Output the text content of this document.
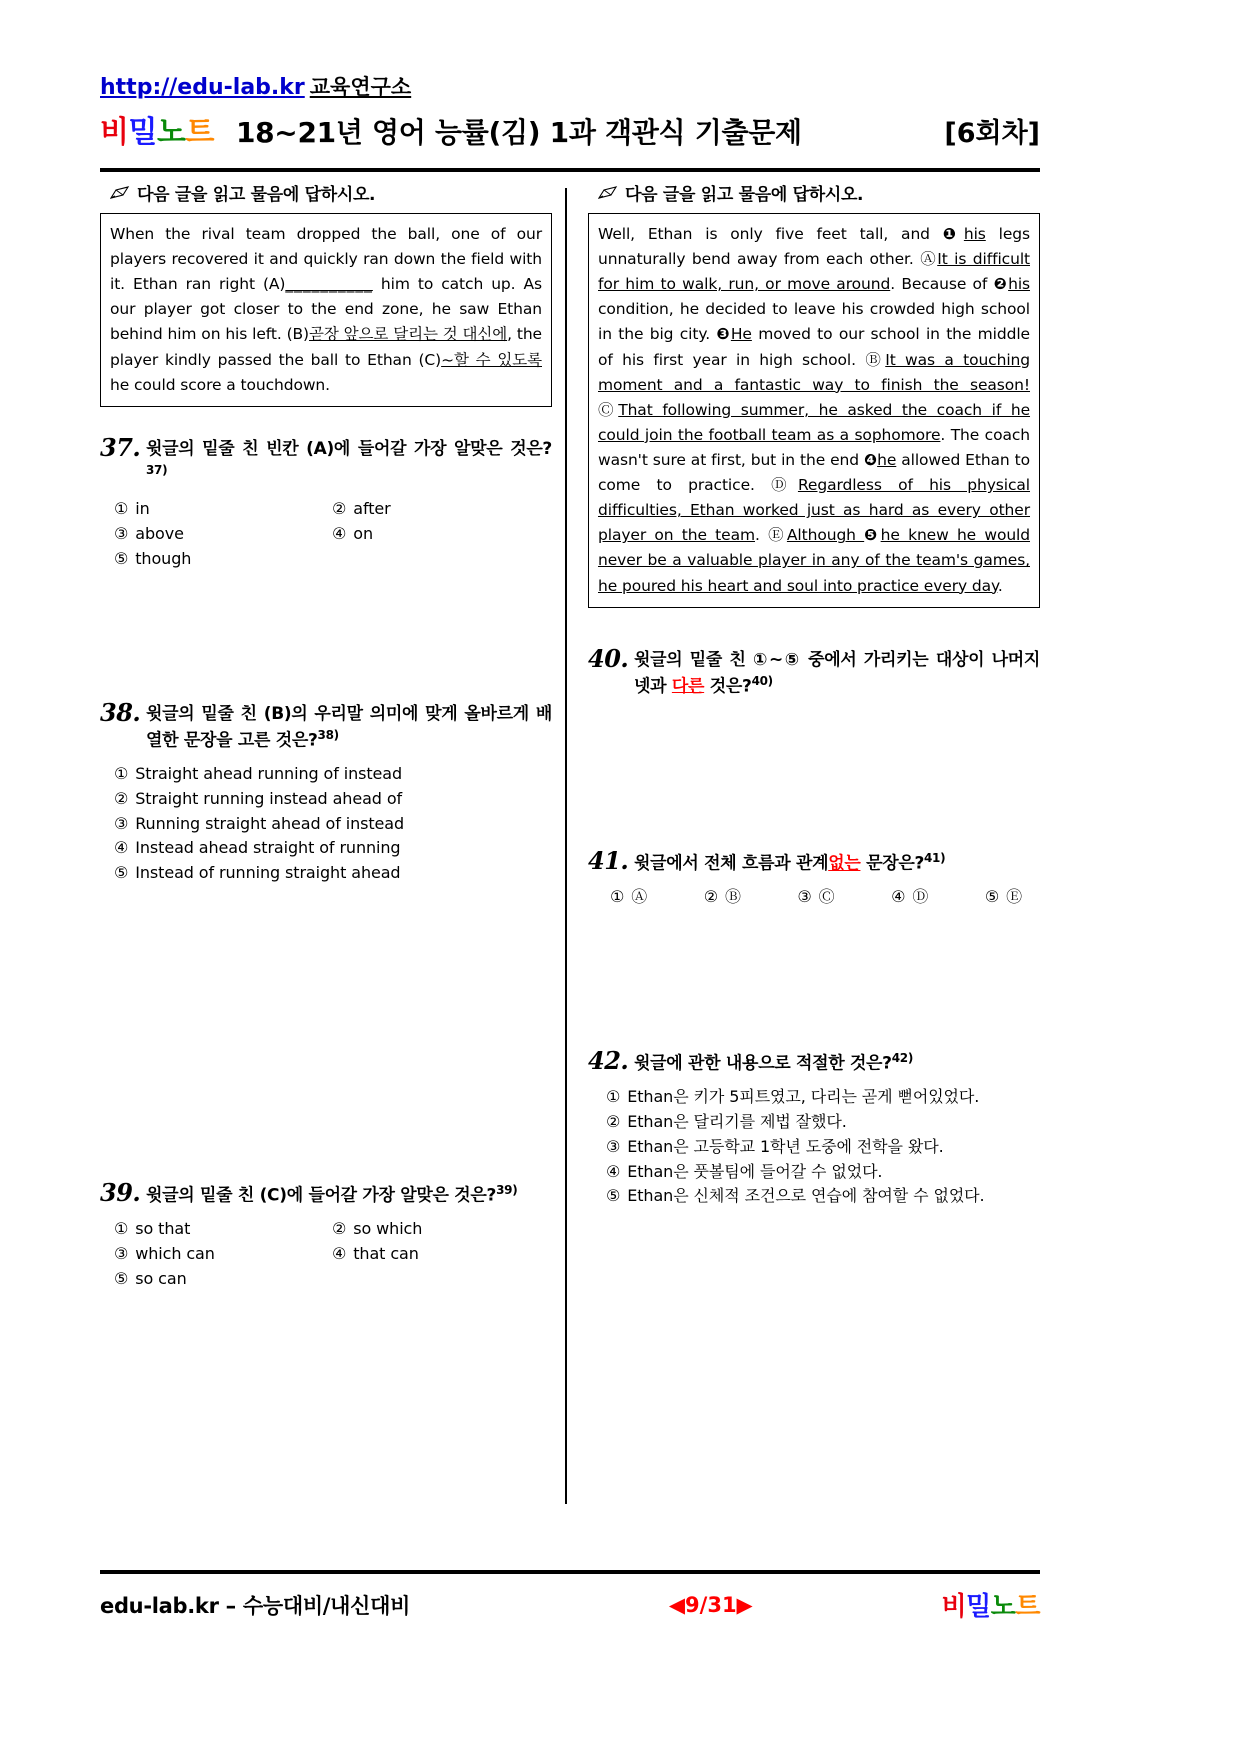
http://edu-lab.kr 교육연구소
비밀노트 18~21년 영어 능률(김) 1과 객관식 기출문제	[6회차]
다음 글을 읽고 물음에 답하시오.

When the rival team dropped the ball, one of our players recovered it and quickly ran down the field with it. Ethan ran right (A)__________ him to catch up. As our player got closer to the end zone, he saw Ethan behind him on his left. (B)곧장 앞으로 달리는 것 대신에, the player kindly passed the ball to Ethan (C)~할 수 있도록 he could score a touchdown.

37. 윗글의 밑줄 친 빈칸 (A)에 들어갈 가장 알맞은 것은?$^{37)}$
① in	② after
③ above	④ on
⑤ though
38. 윗글의 밑줄 친 (B)의 우리말 의미에 맞게 올바르게 배열한 문장을 고른 것은?$^{38)}$
① Straight ahead running of instead
② Straight running instead ahead of
③ Running straight ahead of instead
④ Instead ahead straight of running
⑤ Instead of running straight ahead
39. 윗글의 밑줄 친 (C)에 들어갈 가장 알맞은 것은?$^{39)}$
① so that	② so which
③ which can	④ that can
⑤ so can
다음 글을 읽고 물음에 답하시오.

Well, Ethan is only five feet tall, and ❶his legs unnaturally bend away from each other. ⒶIt is difficult for him to walk, run, or move around. Because of ❷his condition, he decided to leave his crowded high school in the big city. ❸He moved to our school in the middle of his first year in high school. ⒷIt was a touching moment and a fantastic way to finish the season! ⒸThat following summer, he asked the coach if he could join the football team as a sophomore. The coach wasn't sure at first, but in the end ❹he allowed Ethan to come to practice. ⒹRegardless of his physical difficulties, Ethan worked just as hard as every other player on the team. ⒺAlthough ❺he knew he would never be a valuable player in any of the team's games, he poured his heart and soul into practice every day.

40. 윗글의 밑줄 친 ①~⑤ 중에서 가리키는 대상이 나머지 넷과 다른 것은?$^{40)}$
41. 윗글에서 전체 흐름과 관계없는 문장은?$^{41)}$
① Ⓐ	② Ⓑ	③ Ⓒ	④ Ⓓ	⑤ Ⓔ
42. 윗글에 관한 내용으로 적절한 것은?$^{42)}$
① Ethan은 키가 5피트였고, 다리는 곧게 뻗어있었다.
② Ethan은 달리기를 제법 잘했다.
③ Ethan은 고등학교 1학년 도중에 전학을 왔다.
④ Ethan은 풋볼팀에 들어갈 수 없었다.
⑤ Ethan은 신체적 조건으로 연습에 참여할 수 없었다.
edu-lab.kr – 수능대비/내신대비	◀9/31▶	비밀노트
